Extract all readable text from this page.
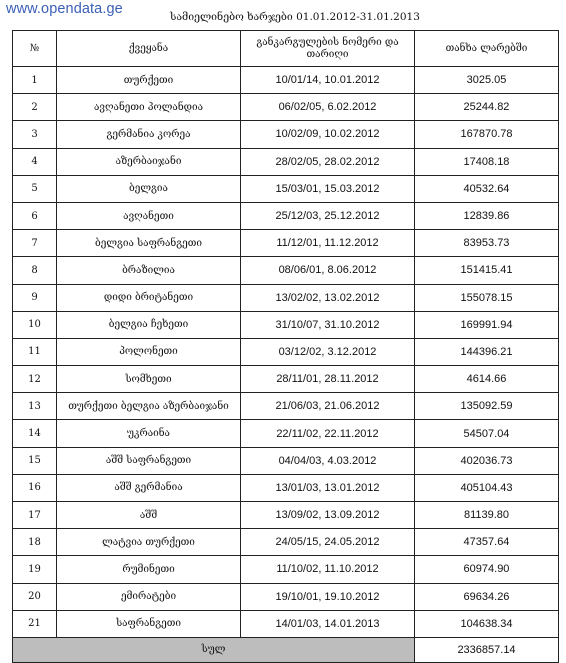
www.opendata.ge	სამიელინებო ხარჯები 01.01.2012-31.01.2013
№	ქვეყანა	განკარგულების ნომერი და თარიღი	თანხა ლარებში
1	თურქეთი	10/01/14, 10.01.2012	3025.05
2	ავღანეთი პოლანდია	06/02/05, 6.02.2012	25244.82
3	გერმანია კორეა	10/02/09, 10.02.2012	167870.78
4	აზერბაიჯანი	28/02/05, 28.02.2012	17408.18
5	ბელგია	15/03/01, 15.03.2012	40532.64
6	ავღანეთი	25/12/03, 25.12.2012	12839.86
7	ბელგია საფრანგეთი	11/12/01, 11.12.2012	83953.73
8	ბრაზილია	08/06/01, 8.06.2012	151415.41
9	დიდი ბრიტანეთი	13/02/02, 13.02.2012	155078.15
10	ბელგია ჩეხეთი	31/10/07, 31.10.2012	169991.94
11	პოლონეთი	03/12/02, 3.12.2012	144396.21
12	სომხეთი	28/11/01, 28.11.2012	4614.66
13	თურქეთი ბელგია აზერბაიჯანი	21/06/03, 21.06.2012	135092.59
14	უკრაინა	22/11/02, 22.11.2012	54507.04
15	აშშ საფრანგეთი	04/04/03, 4.03.2012	402036.73
16	აშშ გერმანია	13/01/03, 13.01.2012	405104.43
17	აშშ	13/09/02, 13.09.2012	81139.80
18	ლატვია თურქეთი	24/05/15, 24.05.2012	47357.64
19	რუმინეთი	11/10/02, 11.10.2012	60974.90
20	ემირატები	19/10/01, 19.10.2012	69634.26
21	საფრანგეთი	14/01/03, 14.01.2013	104638.34
სულ			2336857.14
